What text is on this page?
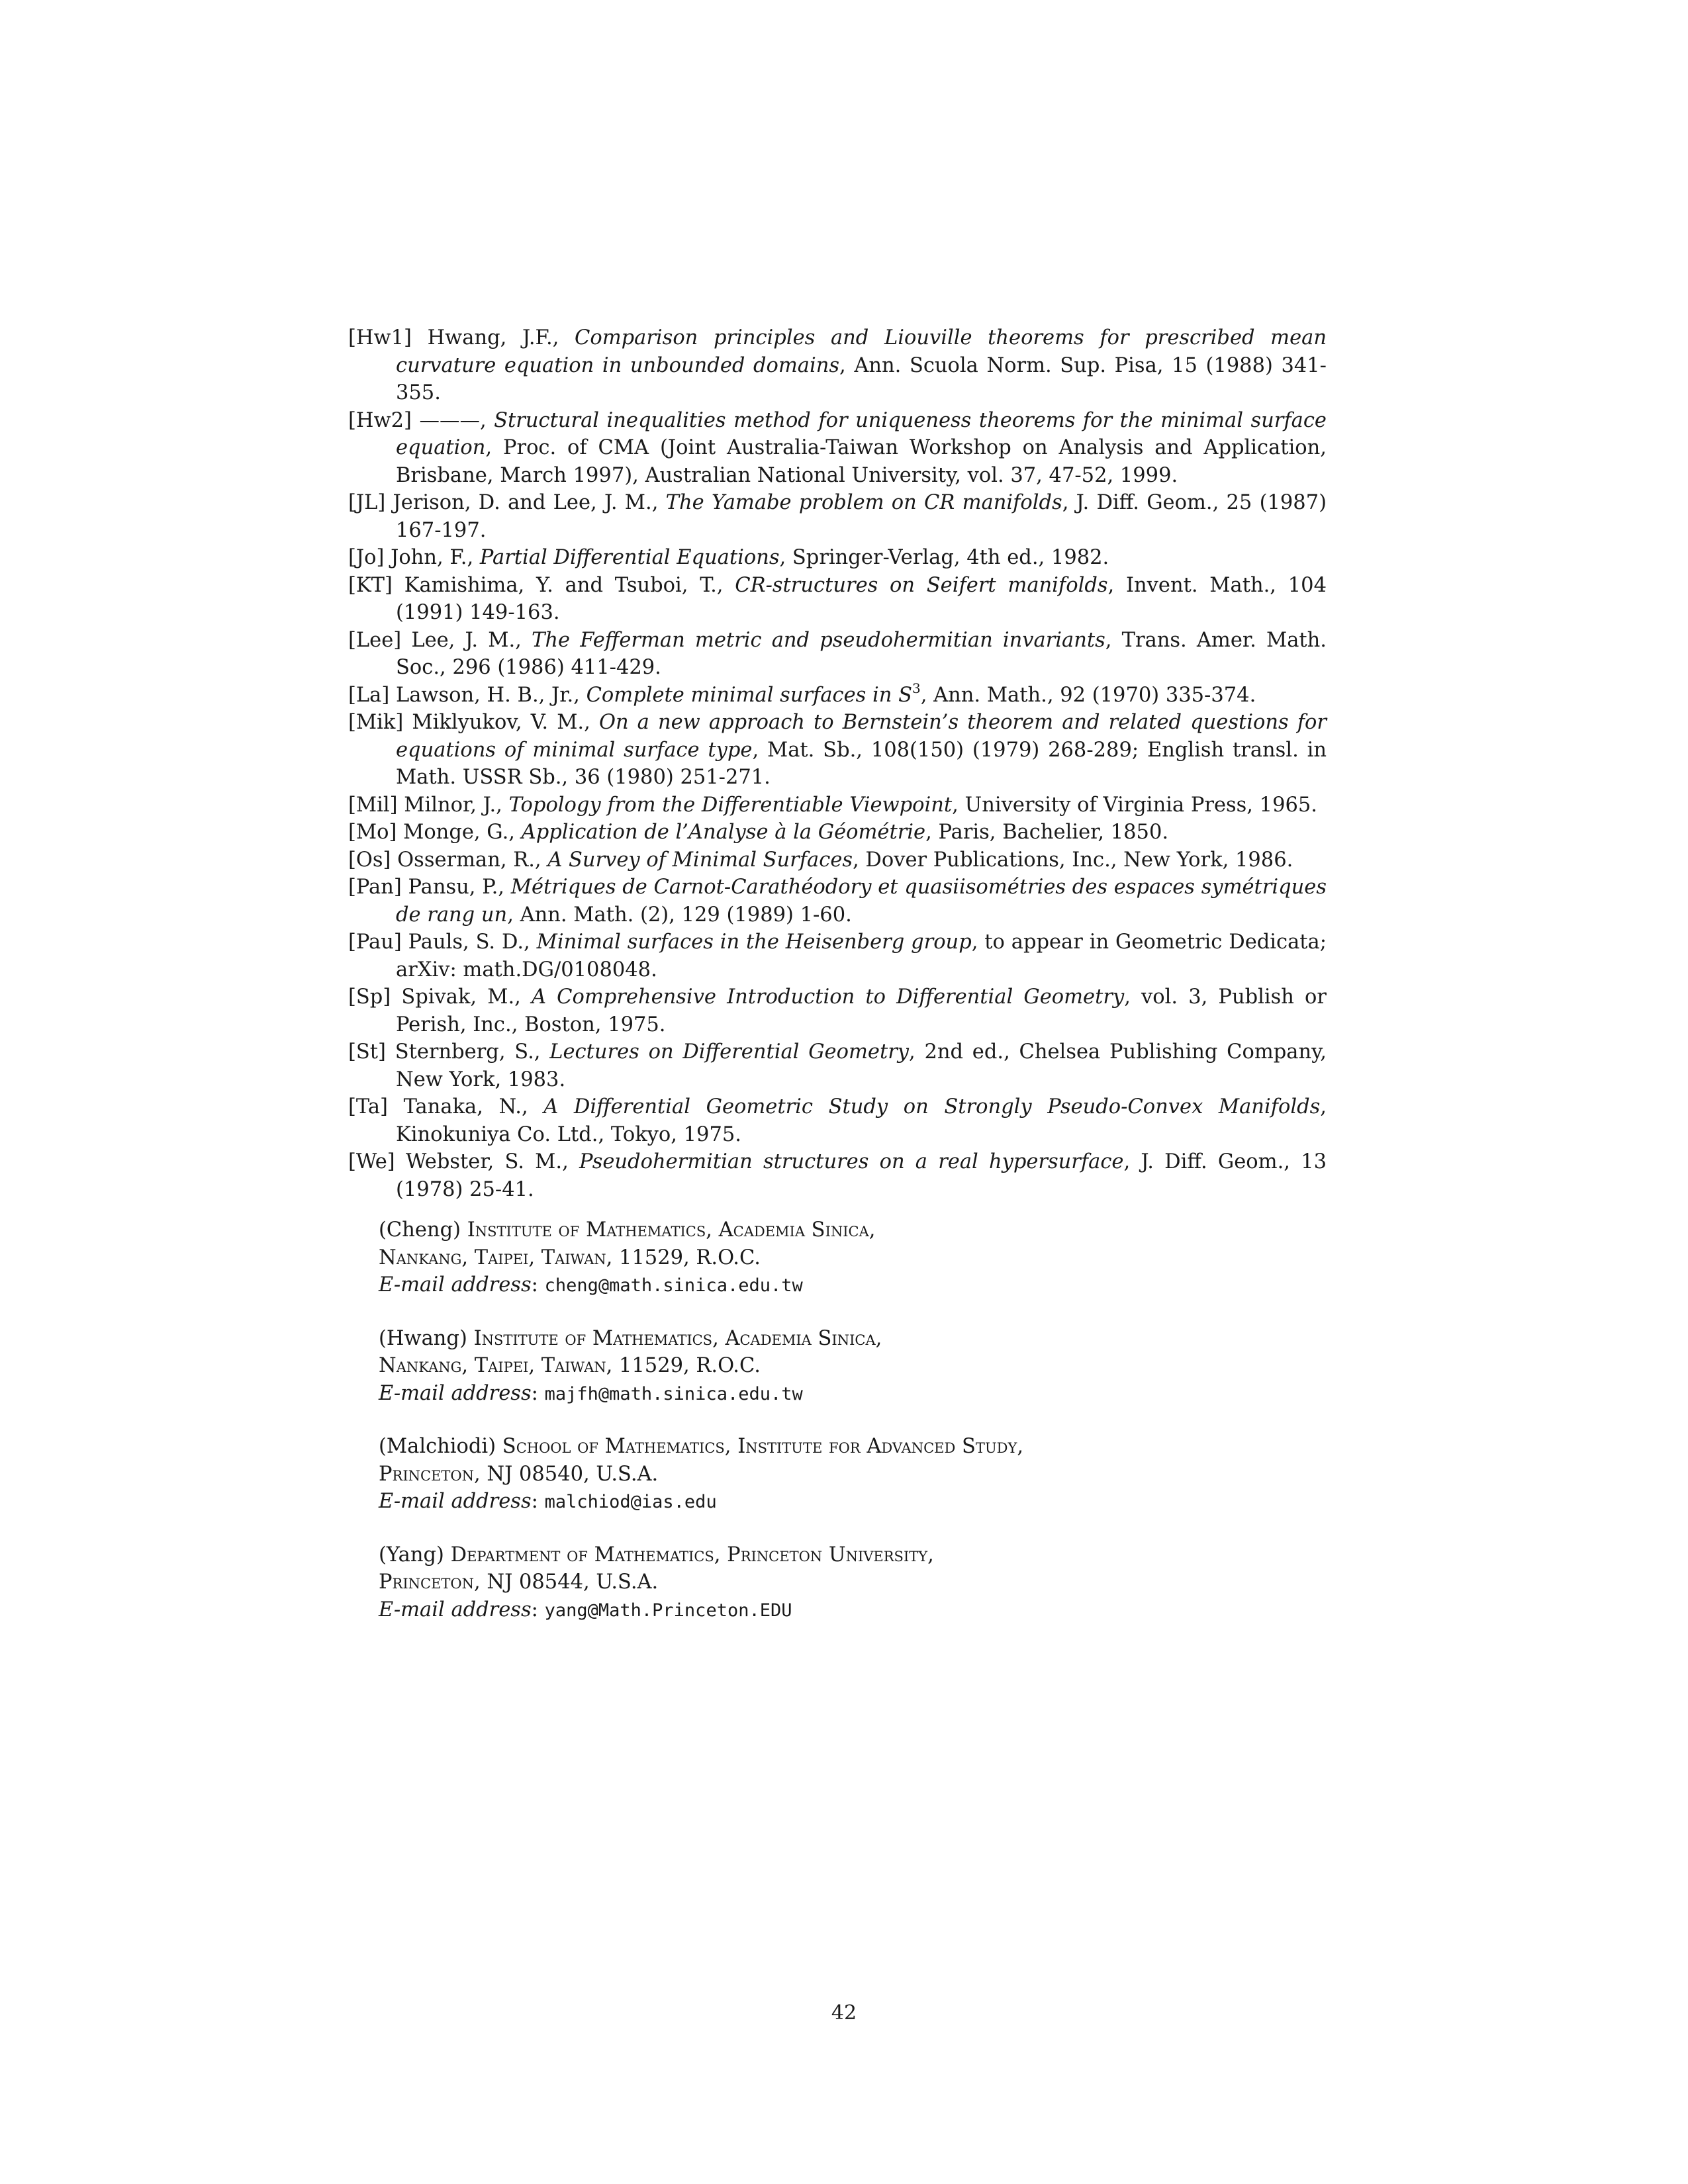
[Hw1] Hwang, J.F., Comparison principles and Liouville theorems for prescribed mean curvature equation in unbounded domains, Ann. Scuola Norm. Sup. Pisa, 15 (1988) 341-355.
[Hw2] ———, Structural inequalities method for uniqueness theorems for the minimal surface equation, Proc. of CMA (Joint Australia-Taiwan Workshop on Analysis and Application, Brisbane, March 1997), Australian National University, vol. 37, 47-52, 1999.
[JL] Jerison, D. and Lee, J. M., The Yamabe problem on CR manifolds, J. Diff. Geom., 25 (1987) 167-197.
[Jo] John, F., Partial Differential Equations, Springer-Verlag, 4th ed., 1982.
[KT] Kamishima, Y. and Tsuboi, T., CR-structures on Seifert manifolds, Invent. Math., 104 (1991) 149-163.
[Lee] Lee, J. M., The Fefferman metric and pseudohermitian invariants, Trans. Amer. Math. Soc., 296 (1986) 411-429.
[La] Lawson, H. B., Jr., Complete minimal surfaces in $S^3$, Ann. Math., 92 (1970) 335-374.
[Mik] Miklyukov, V. M., On a new approach to Bernstein’s theorem and related questions for equations of minimal surface type, Mat. Sb., 108(150) (1979) 268-289; English transl. in Math. USSR Sb., 36 (1980) 251-271.
[Mil] Milnor, J., Topology from the Differentiable Viewpoint, University of Virginia Press, 1965.
[Mo] Monge, G., Application de l’Analyse à la Géométrie, Paris, Bachelier, 1850.
[Os] Osserman, R., A Survey of Minimal Surfaces, Dover Publications, Inc., New York, 1986.
[Pan] Pansu, P., Métriques de Carnot-Carathéodory et quasiisométries des espaces symétriques de rang un, Ann. Math. (2), 129 (1989) 1-60.
[Pau] Pauls, S. D., Minimal surfaces in the Heisenberg group, to appear in Geometric Dedicata; arXiv: math.DG/0108048.
[Sp] Spivak, M., A Comprehensive Introduction to Differential Geometry, vol. 3, Publish or Perish, Inc., Boston, 1975.
[St] Sternberg, S., Lectures on Differential Geometry, 2nd ed., Chelsea Publishing Company, New York, 1983.
[Ta] Tanaka, N., A Differential Geometric Study on Strongly Pseudo-Convex Manifolds, Kinokuniya Co. Ltd., Tokyo, 1975.
[We] Webster, S. M., Pseudohermitian structures on a real hypersurface, J. Diff. Geom., 13 (1978) 25-41.
(Cheng) Institute of Mathematics, Academia Sinica,
Nankang, Taipei, Taiwan, 11529, R.O.C.
E-mail address: cheng@math.sinica.edu.tw
(Hwang) Institute of Mathematics, Academia Sinica,
Nankang, Taipei, Taiwan, 11529, R.O.C.
E-mail address: majfh@math.sinica.edu.tw
(Malchiodi) School of Mathematics, Institute for Advanced Study,
Princeton, NJ 08540, U.S.A.
E-mail address: malchiod@ias.edu
(Yang) Department of Mathematics, Princeton University,
Princeton, NJ 08544, U.S.A.
E-mail address: yang@Math.Princeton.EDU
42
